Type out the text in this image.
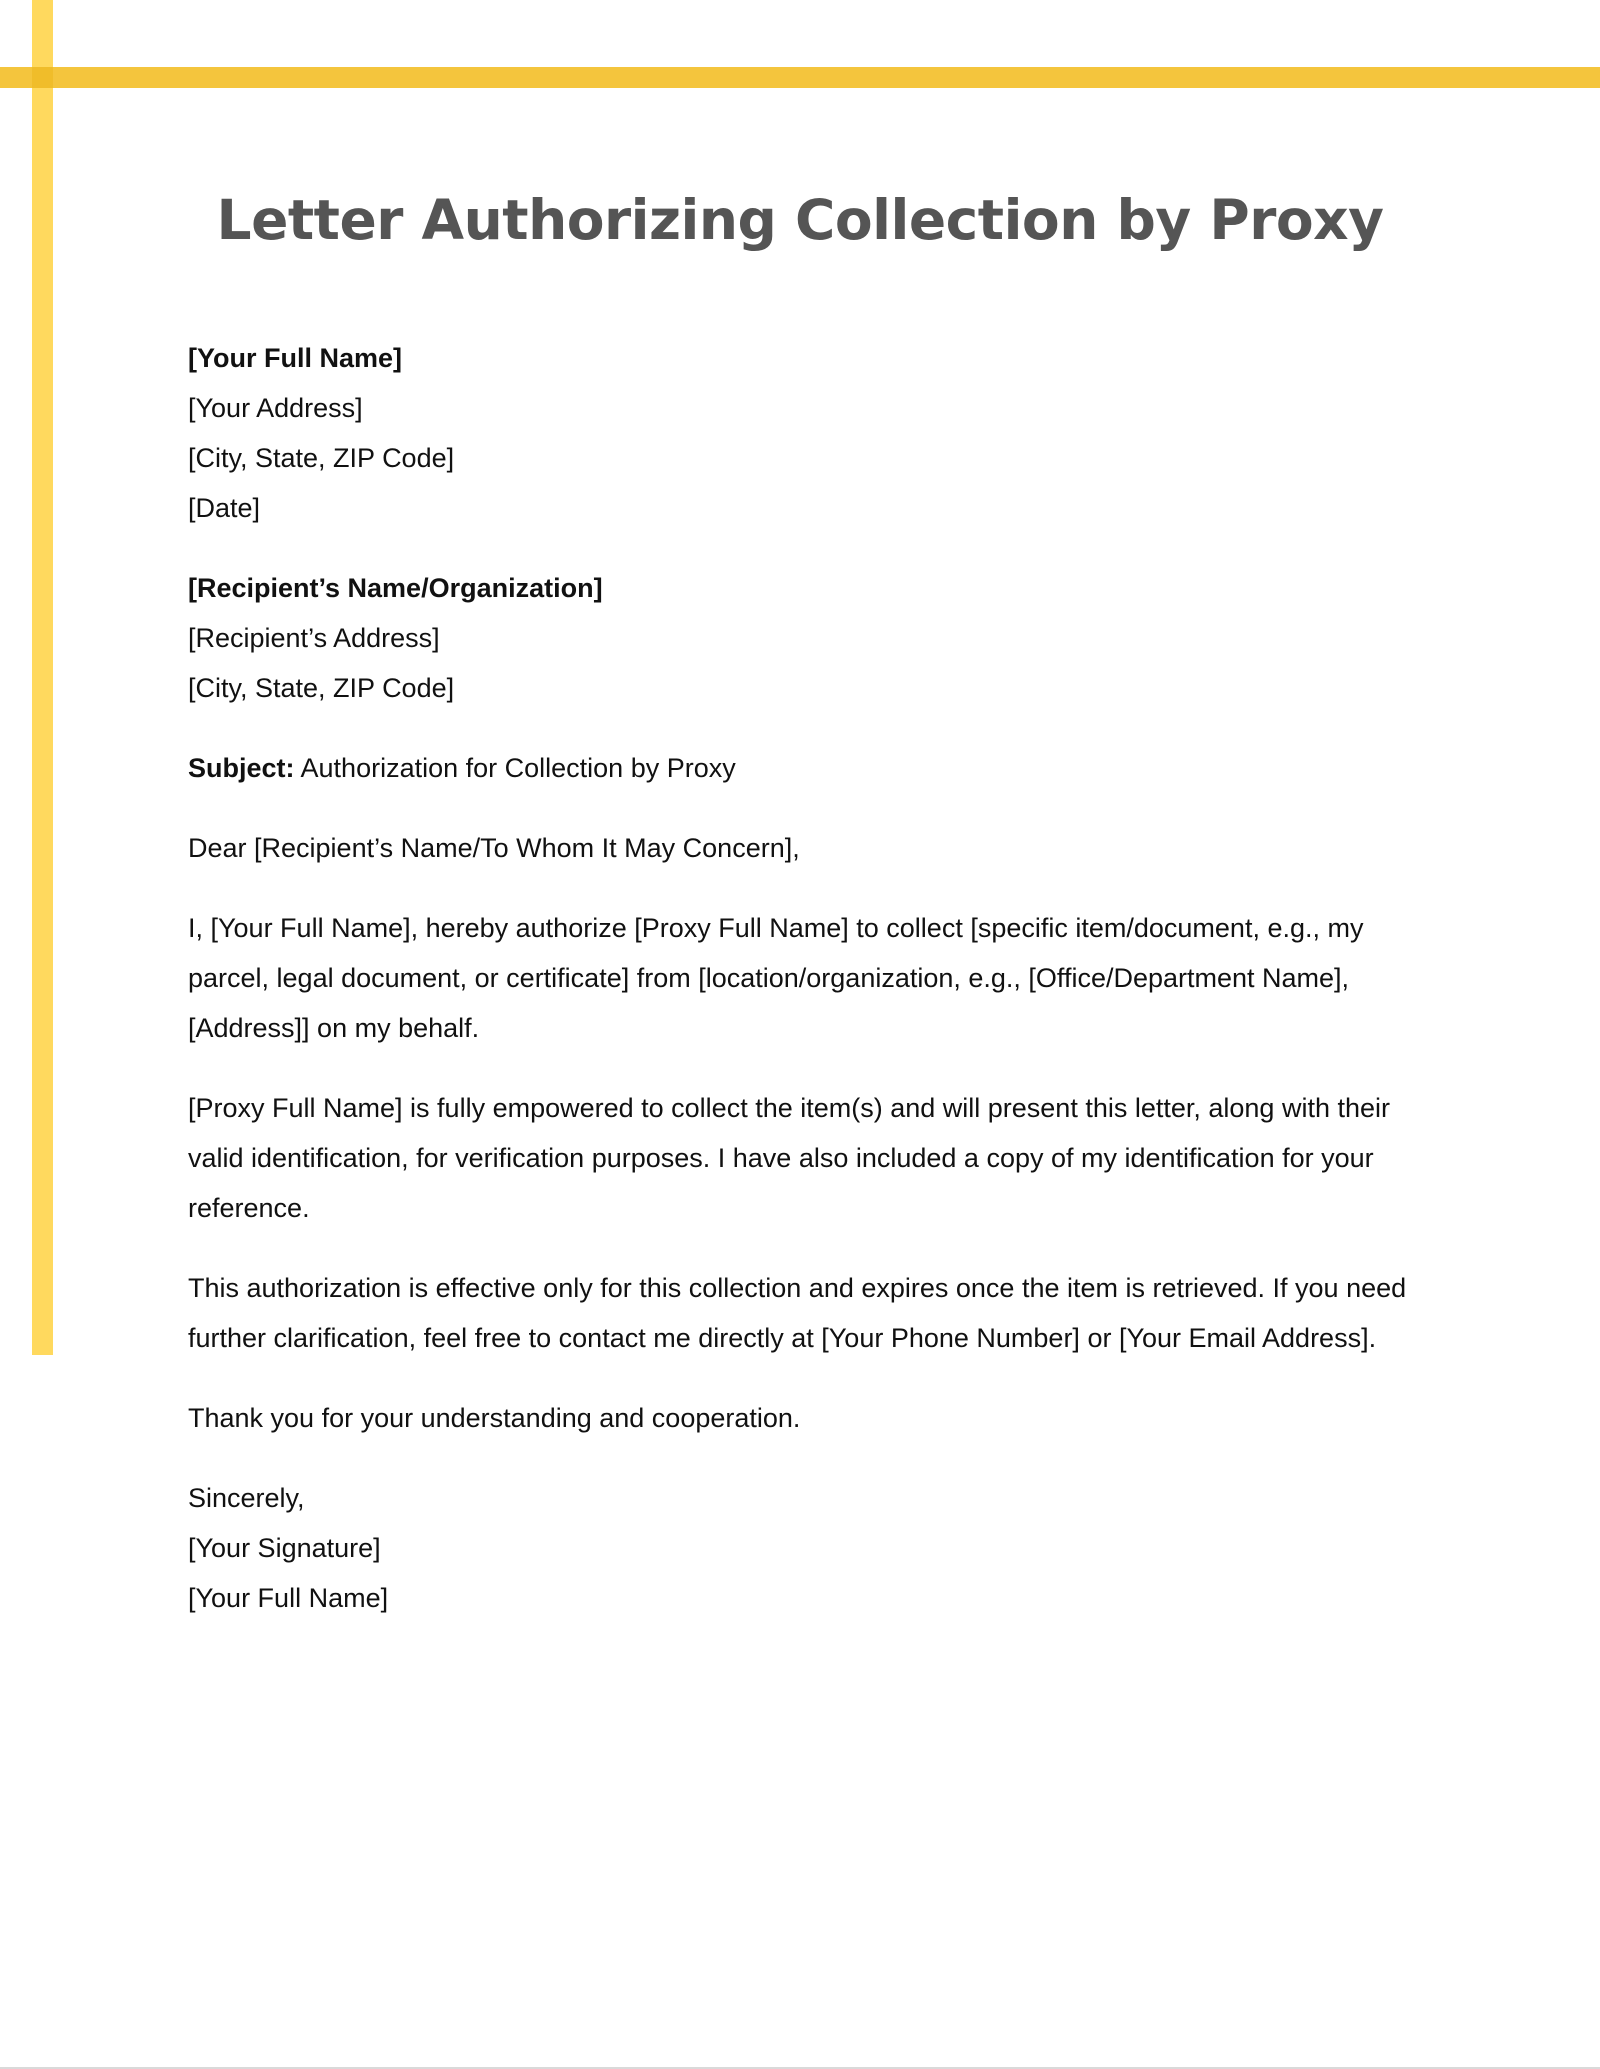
Letter Authorizing Collection by Proxy
[Your Full Name]
[Your Address]
[City, State, ZIP Code]
[Date]
[Recipient’s Name/Organization]
[Recipient’s Address]
[City, State, ZIP Code]

Subject: Authorization for Collection by Proxy

Dear [Recipient’s Name/To Whom It May Concern],

I, [Your Full Name], hereby authorize [Proxy Full Name] to collect [specific item/document, e.g., my parcel, legal document, or certificate] from [location/organization, e.g., [Office/Department Name], [Address]] on my behalf.

[Proxy Full Name] is fully empowered to collect the item(s) and will present this letter, along with their valid identification, for verification purposes. I have also included a copy of my identification for your reference.

This authorization is effective only for this collection and expires once the item is retrieved. If you need further clarification, feel free to contact me directly at [Your Phone Number] or [Your Email Address].

Thank you for your understanding and cooperation.

Sincerely,
[Your Signature]
[Your Full Name]
